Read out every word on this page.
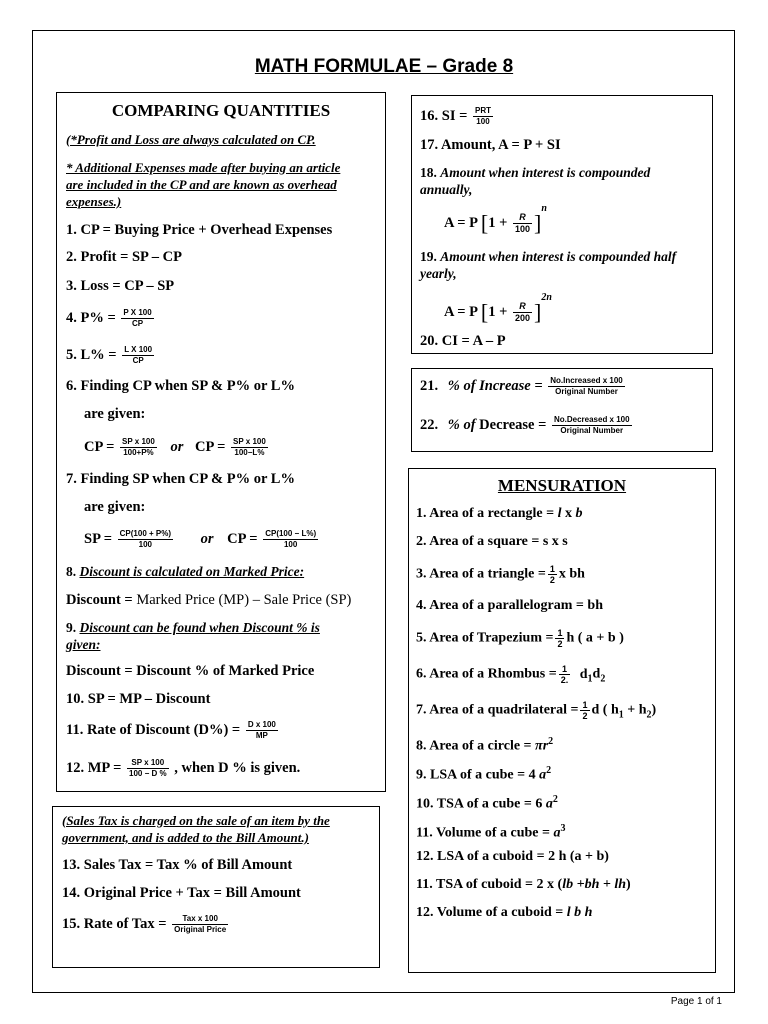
MATH FORMULAE – Grade 8
COMPARING QUANTITIES
(*Profit and Loss are always calculated on CP.
* Additional Expenses made after buying an article
are included in the CP and are known as overhead
expenses.)
1. CP = Buying Price + Overhead Expenses
2. Profit = SP – CP
3. Loss = CP – SP
4. $P\% = \frac{\text{P X 100}}{CP}$
5. $L\% = \frac{\text{L X 100}}{CP}$
6. Finding CP when SP & P% or L%
are given:
CP = $\frac{\text{SP x 100}}{100+P\%}$ or CP = $\frac{\text{SP x 100}}{100-L\%}$
7. Finding SP when CP & P% or L%
are given:
SP = $\frac{CP(100 + P\%)}{100}$ or CP = $\frac{CP(100 - L\%)}{100}$
8. Discount is calculated on Marked Price:
Discount = Marked Price (MP) – Sale Price (SP)
9. Discount can be found when Discount % is
given:
Discount = Discount % of Marked Price
10. SP = MP – Discount
11. Rate of Discount $(D\%) = \frac{\text{D x 100}}{MP}$
12. MP = $\frac{\text{SP x 100}}{100 - D \%}$ , when D % is given.
(Sales Tax is charged on the sale of an item by the
government, and is added to the Bill Amount.)
13. Sales Tax = Tax % of Bill Amount
14. Original Price + Tax = Bill Amount
15. Rate of Tax = $\frac{\text{Tax x 100}}{\text{Original Price}}$
16. SI = $\frac{\text{PRT}}{100}$
17. Amount, A = P + SI
18. Amount when interest is compounded
annually,
A = P $[1 + \frac{R}{100} ]^n$
19. Amount when interest is compounded half
yearly,
A = P $[1 + \frac{R}{200} ]^{2n}$
20. CI = A – P
21. % of Increase = $\frac{\text{No.Increased x 100}}{\text{Original Number}}$
22. % of Decrease = $\frac{\text{No.Decreased x 100}}{\text{Original Number}}$
MENSURATION
1. Area of a rectangle = l x b
2. Area of a square = s x s
3. Area of a triangle = $\frac{1}{2}$ x bh
4. Area of a parallelogram = bh
5. Area of Trapezium = $\frac{1}{2}$ h ( a + b )
6. Area of a Rhombus = $\frac{1}{2.} d_1d_2$
7. Area of a quadrilateral = $\frac{1}{2}$ d ( $h_1 + h_2$)
8. Area of a circle = $\pi r^2$
9. LSA of a cube = 4 $a^2$
10. TSA of a cube = 6 $a^2$
11. Volume of a cube = $a^3$
12. LSA of a cuboid = 2 h (a + b)
11. TSA of cuboid = 2 x (lb +bh + lh)
12. Volume of a cuboid = l b h
Page 1 of 1
